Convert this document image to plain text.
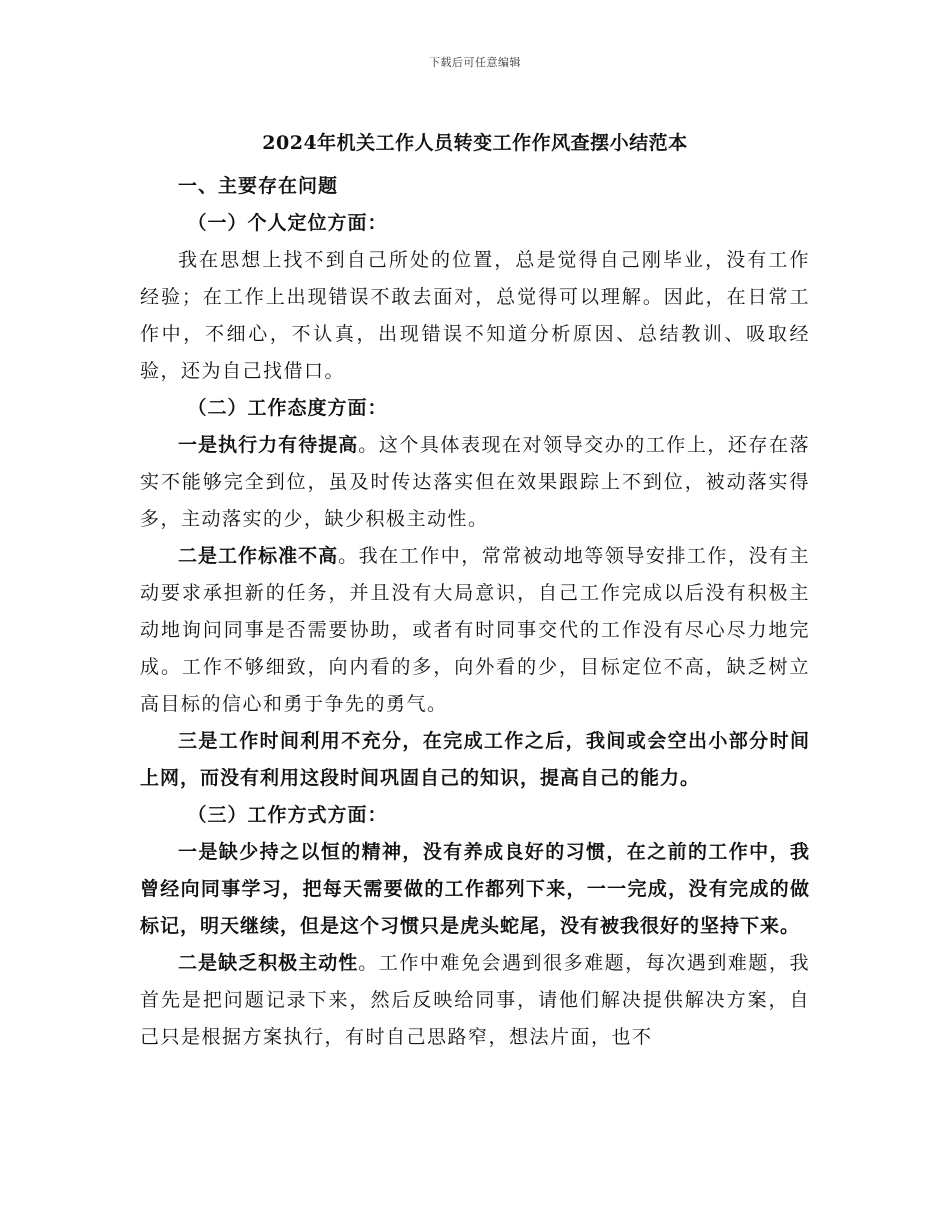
下载后可任意编辑
2024年机关工作人员转变工作作风查摆小结范本

一、主要存在问题

（一）个人定位方面：

我在思想上找不到自己所处的位置，总是觉得自己刚毕业，没有工作经验；在工作上出现错误不敢去面对，总觉得可以理解。因此，在日常工作中，不细心，不认真，出现错误不知道分析原因、总结教训、吸取经验，还为自己找借口。

（二）工作态度方面：

一是执行力有待提高。这个具体表现在对领导交办的工作上，还存在落实不能够完全到位，虽及时传达落实但在效果跟踪上不到位，被动落实得多，主动落实的少，缺少积极主动性。

二是工作标准不高。我在工作中，常常被动地等领导安排工作，没有主动要求承担新的任务，并且没有大局意识，自己工作完成以后没有积极主动地询问同事是否需要协助，或者有时同事交代的工作没有尽心尽力地完成。工作不够细致，向内看的多，向外看的少，目标定位不高，缺乏树立高目标的信心和勇于争先的勇气。

三是工作时间利用不充分，在完成工作之后，我间或会空出小部分时间上网，而没有利用这段时间巩固自己的知识，提高自己的能力。

（三）工作方式方面：

一是缺少持之以恒的精神，没有养成良好的习惯，在之前的工作中，我曾经向同事学习，把每天需要做的工作都列下来，一一完成，没有完成的做标记，明天继续，但是这个习惯只是虎头蛇尾，没有被我很好的坚持下来。

二是缺乏积极主动性。工作中难免会遇到很多难题，每次遇到难题，我首先是把问题记录下来，然后反映给同事，请他们解决提供解决方案，自己只是根据方案执行，有时自己思路窄，想法片面，也不
